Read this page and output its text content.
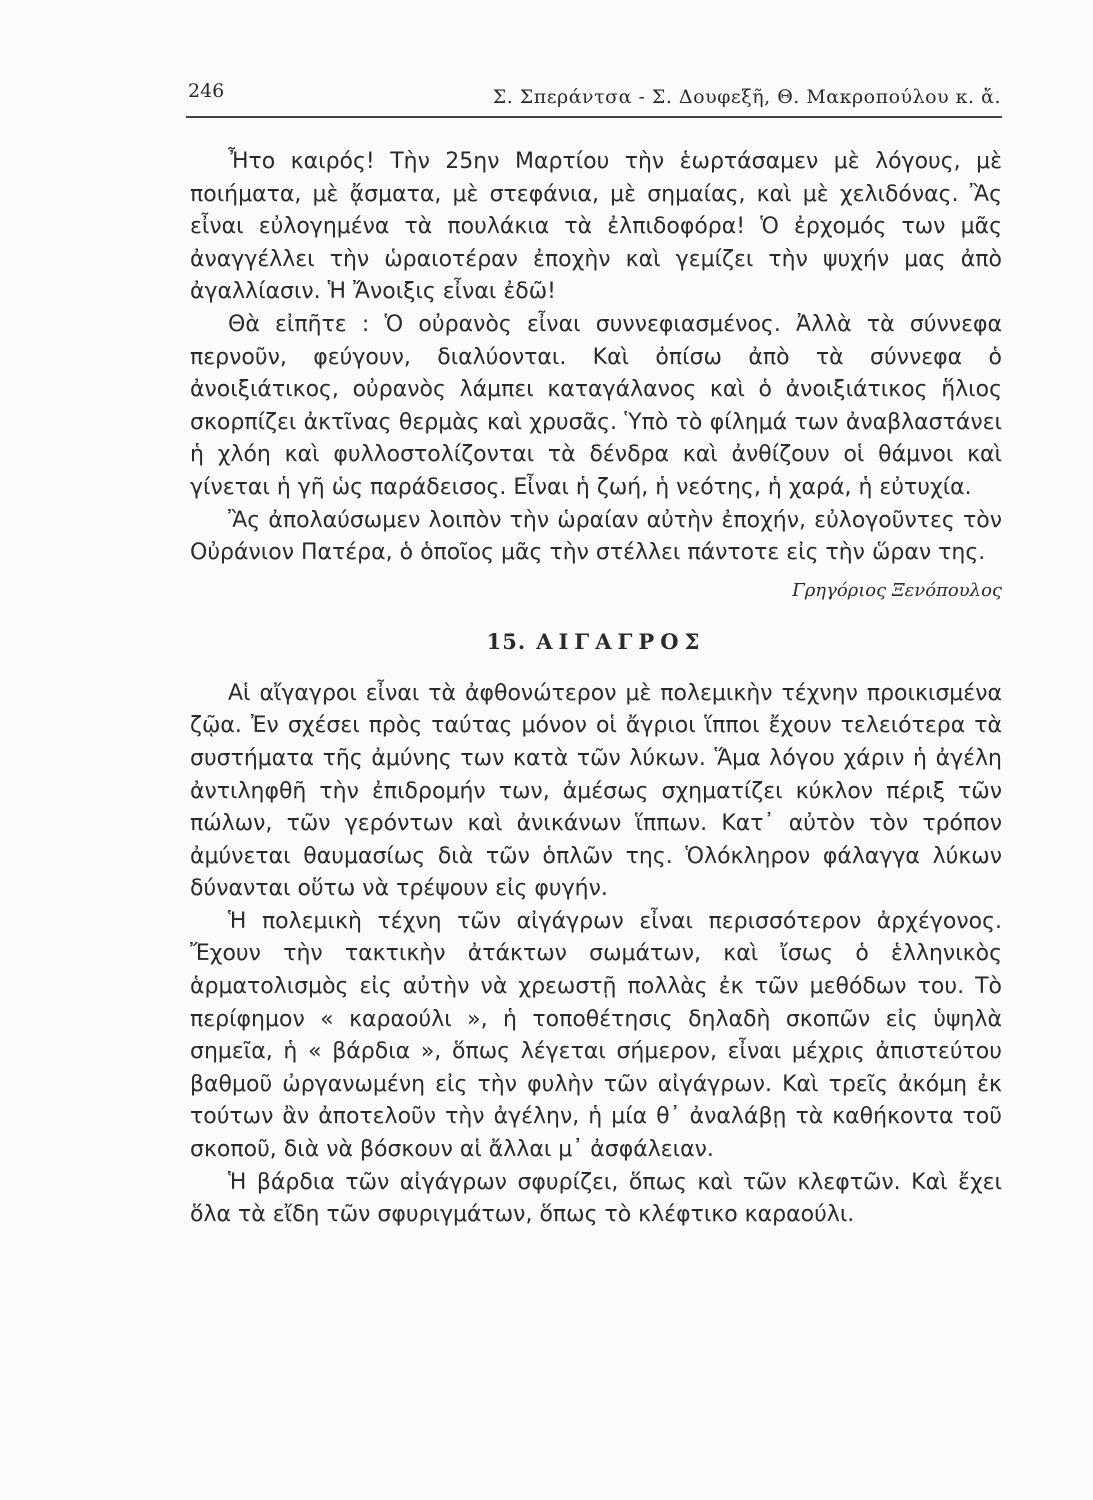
246	Σ. Σπεράντσα - Σ. Δουφεξῆ, Θ. Μακροπούλου κ. ἄ.

Ἦτο καιρός! Τὴν 25ην Μαρτίου τὴν ἑωρτάσαμεν μὲ λόγους, μὲ ποιήματα, μὲ ᾄσματα, μὲ στεφάνια, μὲ σημαίας, καὶ μὲ χελιδόνας. Ἂς εἶναι εὐλογημένα τὰ πουλάκια τὰ ἐλπιδοφόρα! Ὁ ἐρχομός των μᾶς ἀναγγέλλει τὴν ὡραιοτέραν ἐποχὴν καὶ γεμίζει τὴν ψυχήν μας ἀπὸ ἀγαλλίασιν. Ἡ Ἄνοιξις εἶναι ἐδῶ!

Θὰ εἰπῆτε : Ὁ οὐρανὸς εἶναι συννεφιασμένος. Ἀλλὰ τὰ σύννεφα περνοῦν, φεύγουν, διαλύονται. Καὶ ὀπίσω ἀπὸ τὰ σύννεφα ὁ ἀνοιξιάτικος, οὐρανὸς λάμπει καταγάλανος καὶ ὁ ἀνοιξιάτικος ἥλιος σκορπίζει ἀκτῖνας θερμὰς καὶ χρυσᾶς. Ὑπὸ τὸ φίλημά των ἀναβλαστάνει ἡ χλόη καὶ φυλλοστολίζονται τὰ δένδρα καὶ ἀνθίζουν οἱ θάμνοι καὶ γίνεται ἡ γῆ ὡς παράδεισος. Εἶναι ἡ ζωή, ἡ νεότης, ἡ χαρά, ἡ εὐτυχία.

Ἂς ἀπολαύσωμεν λοιπὸν τὴν ὡραίαν αὐτὴν ἐποχήν, εὐλογοῦντες τὸν Οὐράνιον Πατέρα, ὁ ὁποῖος μᾶς τὴν στέλλει πάντοτε εἰς τὴν ὥραν της.

Γρηγόριος Ξενόπουλος

15. ΑΙΓΑΓΡΟΣ

Αἱ αἴγαγροι εἶναι τὰ ἀφθονώτερον μὲ πολεμικὴν τέχνην προικισμένα ζῷα. Ἐν σχέσει πρὸς ταύτας μόνον οἱ ἄγριοι ἵπποι ἔχουν τελειότερα τὰ συστήματα τῆς ἀμύνης των κατὰ τῶν λύκων. Ἅμα λόγου χάριν ἡ ἀγέλη ἀντιληφθῆ τὴν ἐπιδρομήν των, ἀμέσως σχηματίζει κύκλον πέριξ τῶν πώλων, τῶν γερόντων καὶ ἀνικάνων ἵππων. Κατ᾽ αὐτὸν τὸν τρόπον ἀμύνεται θαυμασίως διὰ τῶν ὁπλῶν της. Ὁλόκληρον φάλαγγα λύκων δύνανται οὕτω νὰ τρέψουν εἰς φυγήν.

Ἡ πολεμικὴ τέχνη τῶν αἰγάγρων εἶναι περισσότερον ἀρχέγονος. Ἔχουν τὴν τακτικὴν ἀτάκτων σωμάτων, καὶ ἴσως ὁ ἑλληνικὸς ἁρματολισμὸς εἰς αὐτὴν νὰ χρεωστῇ πολλὰς ἐκ τῶν μεθόδων του. Τὸ περίφημον « καραούλι », ἡ τοποθέτησις δηλαδὴ σκοπῶν εἰς ὑψηλὰ σημεῖα, ἡ « βάρδια », ὅπως λέγεται σήμερον, εἶναι μέχρις ἀπιστεύτου βαθμοῦ ὠργανωμένη εἰς τὴν φυλὴν τῶν αἰγάγρων. Καὶ τρεῖς ἀκόμη ἐκ τούτων ἂν ἀποτελοῦν τὴν ἀγέλην, ἡ μία θ᾽ ἀναλάβῃ τὰ καθήκοντα τοῦ σκοποῦ, διὰ νὰ βόσκουν αἱ ἄλλαι μ᾽ ἀσφάλειαν.

Ἡ βάρδια τῶν αἰγάγρων σφυρίζει, ὅπως καὶ τῶν κλεφτῶν. Καὶ ἔχει ὅλα τὰ εἴδη τῶν σφυριγμάτων, ὅπως τὸ κλέφτικο καραούλι.
